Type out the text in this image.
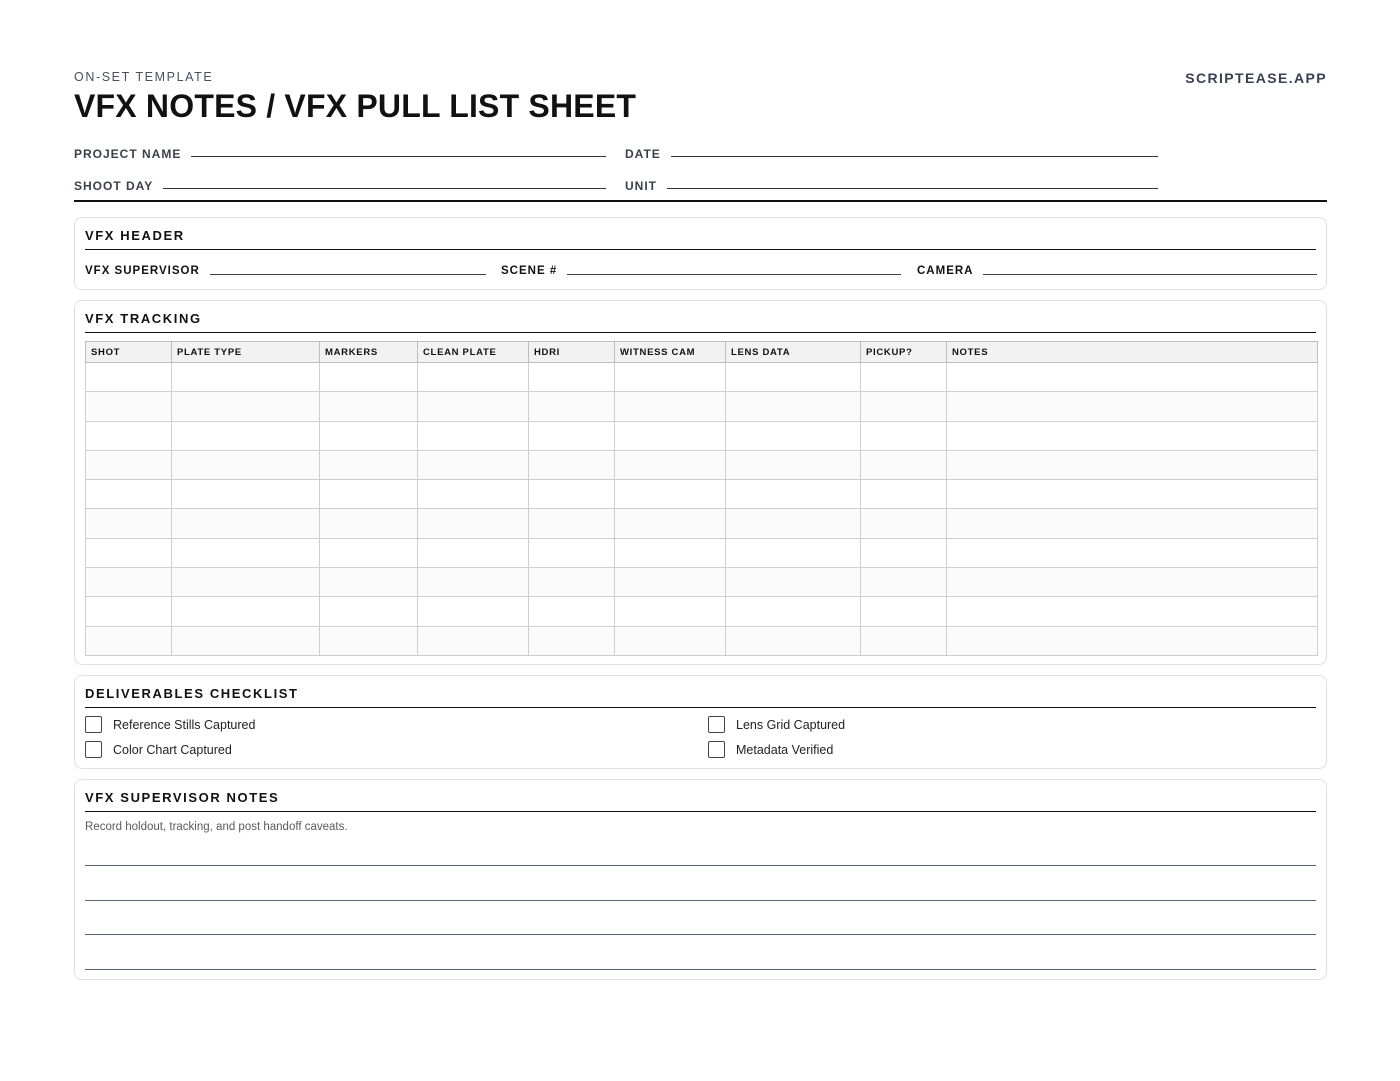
ON-SET TEMPLATE	SCRIPTEASE.APP
VFX NOTES / VFX PULL LIST SHEET
PROJECT NAME	DATE
SHOOT DAY	UNIT
VFX HEADER
VFX SUPERVISOR	SCENE #	CAMERA
VFX TRACKING
SHOT	PLATE TYPE	MARKERS	CLEAN PLATE	HDRI	WITNESS CAM	LENS DATA	PICKUP?	NOTES

DELIVERABLES CHECKLIST
Reference Stills Captured	Lens Grid Captured
Color Chart Captured	Metadata Verified
VFX SUPERVISOR NOTES
Record holdout, tracking, and post handoff caveats.
